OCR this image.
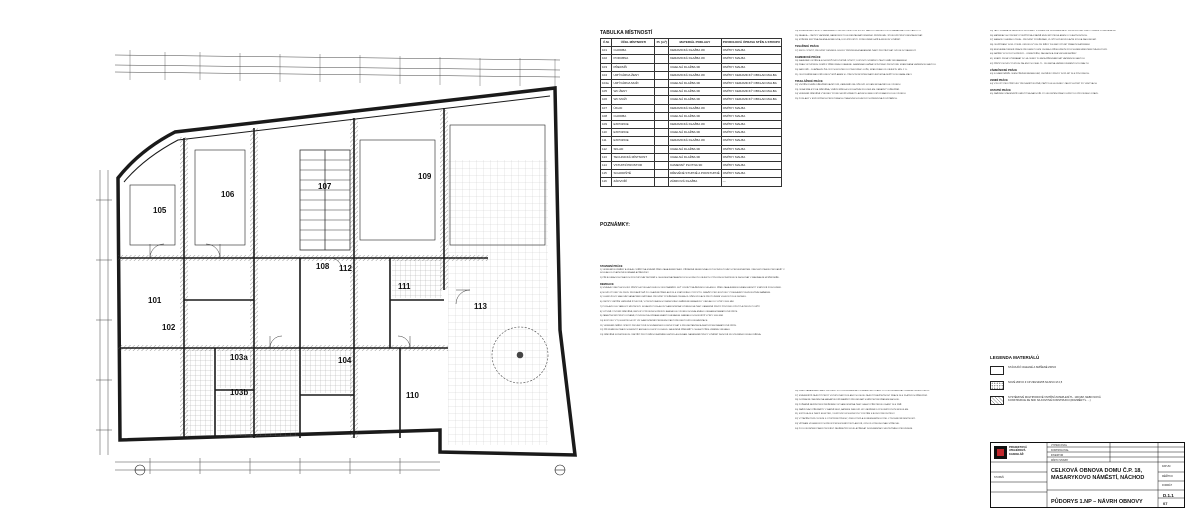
105
106
107
108
109
112
111
101
102
103a
103b
104
110
113
TABULKA MÍSTNOSTÍ
Č.M.	ÚČEL MÍSTNOSTI	Pl. [m²]	MATERIÁL PODLAHY	POVRCHOVÁ ÚPRAVA STĚN A STROPU
101	CHODBA		KERAMICKÁ DLAŽBA 3D	OMÍTKY MALBA
102	PORUBNA		KERAMICKÁ DLAŽBA 3D	OMÍTKY MALBA
103	PŘEDSÍŇ		CIHELNÁ DLAŽBA 3D	OMÍTKY MALBA
104	UMÝVÁRNA ŽENY		KERAMICKÁ DLAŽBA 3D	OMÍTKY KERAMICKÝ OBKLAD MALBA
104a	UMÝVÁRNA MUŽI		CIHELNÁ DLAŽBA 3D	OMÍTKY KERAMICKÝ OBKLAD MALBA
105	WC ŽENY		CIHELNÁ DLAŽBA 3D	OMÍTKY KERAMICKÝ OBKLAD MALBA
106	WC MUŽI		CIHELNÁ DLAŽBA 3D	OMÍTKY KERAMICKÝ OBKLAD MALBA
107	ÚKLID		KERAMICKÁ DLAŽBA 3D	OMÍTKY MALBA
108	CHODBA		CIHELNÁ DLAŽBA 3D	OMÍTKY MALBA
109	EXPOZICE		KERAMICKÁ DLAŽBA 3D	OMÍTKY MALBA
110	EXPOZICE		CIHELNÁ DLAŽBA 3D	OMÍTKY MALBA
111	EXPOZICE		KERAMICKÁ DLAŽBA 3D	OMÍTKY MALBA
112	SKLAD		CIHELNÁ DLAŽBA 3D	OMÍTKY MALBA
113	TECHNICKÁ MÍSTNOST		CIHELNÁ DLAŽBA 3D	OMÍTKY MALBA
114	VSTUPNÍ PROSTOR		KAMENNÝ PLOTNA 3D	OMÍTKY MALBA
115	SCHODIŠTĚ		DŘEVĚNÉ STUPNĚ A PODSTUPNĚ	OMÍTKY MALBA
116	ZÁDVOŘÍ		ZÁMKOVÁ DLAŽBA	—
POZNÁMKY:

STAVEBNÍ PRÁCE

1) VEŠKERÉ ROZMĚRY A ÚDAJE OVĚŘIT NA STAVBĚ PŘED ZAHÁJENÍM PRACÍ. PŘÍPADNÉ NESROVNALOSTI KONZULTOVAT S PROJEKTANTEM. VŠECHNY PRÁCE PROVÁDĚT V SOULADU S PLATNÝMI NORMAMI A PŘEDPISY.

2) PŘI BOURACÍCH PRACÍCH POSTUPOVAT ŠETRNĚ S OHLEDEM NA PAMÁTKOVOU HODNOTU OBJEKTU. PŮVODNÍ KONSTRUKCE ZACHOVAT V MAXIMÁLNÍ MOŽNÉ MÍŘE.

DEMOLICE

3) STÁVAJÍCÍ NEVYHOVUJÍCÍ PŘÍČKY A PODLAHY BUDOU ODSTRANĚNY. SUŤ ODVÉZT NA ŘÍZENOU SKLÁDKU. PŘED ZAHÁJENÍM BOURÁNÍ ZAJISTIT STATICKÉ POSOUZENÍ.

4) NOVÉ OTVORY VE ZDIVU PROVÁDĚT AŽ PO OSAZENÍ PŘEKLADŮ DLE STATICKÉHO VÝPOČTU. DRÁŽKY PRO ROZVODY VYSEKÁVAT POUZE RUČNÍM NÁŘADÍM.

5) VLHKÉ ZDIVO SANOVAT SANAČNÍMI OMÍTKAMI. PROVÉST PODŘEZÁNÍ ZDIVA A VLOŽENÍ IZOLACE PROTI ZEMNÍ VLHKOSTI DLE DETAILU.

6) OMÍTKY VNITŘNÍ VÁPENNÉ ŠTUKOVÉ, V PROSTORÁCH HYGIENICKÉHO ZAŘÍZENÍ KERAMICKÝ OBKLAD DO VÝŠKY 2000 MM.

7) PODLAHY DLE TABULKY MÍSTNOSTÍ. SKLADBY PODLAH VIZ SAMOSTATNÁ VÝKRESOVÁ ČÁST. KAMENNÉ PRVKY PŮVODNÍ OČISTIT A ZNOVU POUŽÍT.

8) VÝPLNĚ OTVORŮ DŘEVĚNÉ, REPLIKY PŮVODNÍCH PRVKŮ. BARVA DLE VZORKU SCHVÁLENÉHO ORGÁNEM PAMÁTKOVÉ PÉČE.

9) ZÁMEČNICKÉ PRVKY KOVANÉ, POVRCHOVÁ ÚPRAVA GRAFITOVÁ BARVA. ZÁBRADLÍ SCHODIŠTĚ VÝŠKY 1000 MM.

10) ROZVODY ZTI, ELEKTRO A VZT VIZ SAMOSTATNÉ PROFESNÍ ČÁSTI PROJEKTOVÉ DOKUMENTACE.

11) VEŠKERÉ ZMĚNY OPROTI PROJEKTOVÉ DOKUMENTACI KONZULTOVAT S PROJEKTANTEM A ZÁSTUPCEM PAMÁTKOVÉ PÉČE.

12) PŘI ZEMNÍCH PRACÍCH ZAJISTIT ARCHEOLOGICKÝ DOHLED. NALEZENÉ PŘEDMĚTY OHLÁSIT PŘÍSLUŠNÉMU ORGÁNU.

13) DŘEVĚNÉ KONSTRUKCE OŠETŘIT PROTI DŘEVOKAZNÉMU HMYZU A HOUBÁM. NAPADENÉ PRVKY VYMĚNIT ZA NOVÉ ZE STEJNÉHO DRUHU DŘEVA.

14) KLEMPÍŘSKÉ PRVKY Z MĚDĚNÉHO PLECHU. DEŠŤOVÉ SVODY NAPOJIT NA DEŠŤOVOU KANALIZACI DLE ČÁSTI ZTI.

15) FASÁDA – OMÍTKY VÁPENNÉ, BAREVNOST DLE RESTAURÁTORSKÉHO PRŮZKUMU. ŠTUKOVÉ PRVKY RESTAUROVAT.

16) STŘEŠNÍ KRYTINA PÁLENÁ BOBROVKA, DVOJITÉ KRYTÍ. POŠKOZENÉ LATĚ A KROKVE VYMĚNIT.

TESAŘSKÉ PRÁCE

17) KROV OČISTIT, PROVÉST DENDROLOGICKÝ PRŮZKUM A NAPADENÉ ČÁSTI PROTÉZOVAT. SPOJE DOTÁHNOUT.

KAMENICKÉ PRÁCE

18) KAMENNÉ OSTĚNÍ A SCHODIŠŤOVÉ STUPNĚ OČISTIT, DOPLNIT CHYBĚJÍCÍ ČÁSTI UMĚLÝM KAMENEM.

19) PRÁH VSTUPNÍCH DVEŘÍ Z PŘÍRODNÍHO KAMENE. KAMENNÁ DLAŽBA VSTUPNÍHO PROSTORU SPÁROVANÁ VÁPENNOU MALTOU.

20) NÁDVOŘÍ – DLAŽBA ZE ŽULOVÝCH KOSTEK DO PÍSKOVÉHO LOŽE, SPÁDOVÁNÍ OD OBJEKTU MIN. 2 %.

21) ODVODNĚNÍ NÁDVOŘÍ LINIOVÝM ŽLABEM S LITINOVÝM ROŠTEM NAPOJENÝM NA DEŠŤOVOU KANALIZACI.

TRUHLÁŘSKÉ PRÁCE

22) VNITŘNÍ DVEŘE DŘEVĚNÉ KAZETOVÉ, ZÁRUBNĚ OBLOŽKOVÉ. KOVÁNÍ MOSAZNÉ DLE VZORKU.

23) OKNA ŠPALETOVÁ DŘEVĚNÁ, VNĚJŠÍ KŘÍDLA S IZOLAČNÍM DVOJSKLEM. PARAPETY DŘEVĚNÉ.

24) VEŠKERÉ DŘEVĚNÉ VÝROBKY POVRCHOVĚ UPRAVIT LAZUROU NEBO KRYCÍ BARVOU DLE VZORKU.

25) PODLAHY V EXPOZIČNÍCH PROSTORÁCH Z MASIVNÍCH DUBOVÝCH PRKEN NA POLŠTÁŘÍCH.

26) PŘED ZAHÁJENÍM PRACÍ PROVÉST FOTODOKUMENTACI STÁVAJÍCÍHO STAVU. FOTODOKUMENTACI PŘEDAT INVESTOROVI.

27) STAVENIŠTĚ ZAJISTIT PROTI VSTUPU NEPOVOLANÝCH OSOB. ZAJISTIT BEZPEČNOST PRÁCE DLE PLATNÝCH PŘEDPISŮ.

28) DOPRAVNÍ OMEZENÍ NA MASARYKOVĚ NÁMĚSTÍ PROJEDNAT S MĚSTSKÝM ÚŘADEM NÁCHOD.

29) POŽÁRNĚ BEZPEČNOSTNÍ ŘEŠENÍ VIZ SAMOSTATNÁ ČÁST. HASICÍ PŘÍSTROJE OSADIT DLE PBŘ.

30) ZAŘIZOVACÍ PŘEDMĚTY V BARVĚ BÍLÉ, BATERIE PÁKOVÉ. WC ZÁVĚSNÉ S PODOMÍTKOVÝM MODULEM.

31) SVÍTIDLA DLE ČÁSTI ELEKTRO, V EXPOZICI KOLEJNICOVÝ SYSTÉM S BODOVÝMI SVÍTIDLY.

32) VYTÁPĚNÍ TEPLOVODNÍ S OTOPNÝMI TĚLESY, ZDROJ TEPLA KONDENZAČNÍ KOTEL V TECHNICKÉ MÍSTNOSTI.

33) VĚTRÁNÍ HYGIENICKÝCH PROSTOR NUCENÉ PODTLAKOVÉ, ODVOD VZDUCHU NAD STŘECHU.

34) PO DOKONČENÍ PRACÍ PROVÉST ZÁVĚREČNÝ ÚKLID A PŘEDAT DOKUMENTACI SKUTEČNÉHO PROVEDENÍ.

35) TATO ZPRÁVA JE NEDÍLNOU SOUČÁSTÍ VÝKRESOVÉ DOKUMENTACE. PŘI ROZPORU PLATÍ VÝKRES PODROBNĚJŠÍ.

36) MATERIÁLY A VÝROBKY POUŽITÉ NA STAVBĚ MUSÍ MÍT PROHLÁŠENÍ O VLASTNOSTECH.

37) SANACE VLHKÉHO ZDIVA – PROVÉST PODŘEZÁNÍ, VLOŽIT HYDROIZOLAČNÍ FÓLII A ZAKLÍNOVAT.

38) ODVĚTRANÝ SOKL PODÉL OBVODOVÝCH ZDÍ ŠÍŘKY 200 MM VYPLNIT PRANÝM KAČÍRKEM.

39) RESTAURÁTORSKÉ PRÁCE PROVÁDÍ POUZE OSOBA S PŘÍSLUŠNÝM POVOLENÍM MINISTERSTVA KULTURY.

40) NÁTĚRY KOVOVÝCH PRVKŮ – ODREZIVĚNÍ, ZÁKLADNÍ A DVA VRCHNÍ NÁTĚRY.

41) SPÁRY ZDIVA VYŠKRÁBAT DO HLOUBKY 20 MM A PŘESPÁROVAT VÁPENNOU MALTOU.

42) PŘÍČKY NOVÉ Z PLNÝCH PÁLENÝCH CIHEL TL. 150 MM NA VÁPENOCEMENTOVOU MALTU.

ZÁMEČNICKÉ PRÁCE

43) KOVANÉ MŘÍŽE OKEN PŘÍZEMÍ REPASOVAT, CHYBĚJÍCÍ PRVKY DOPLNIT DLE PŮVODNÍCH.

ZEMNÍ PRÁCE

44) VÝKOPY PRO PŘÍPOJKY PROVÁDĚT RUČNĚ, PAŽIT DLE HLOUBKY. ZÁSYP HUTNIT PO VRSTVÁCH.

OSTATNÍ PRÁCE

45) ZAŘÍZENÍ STAVENIŠTĚ UMÍSTIT NA NÁDVOŘÍ. PO UKONČENÍ PRACÍ UVÉST DO PŮVODNÍHO STAVU.

LEGENDA MATERIÁLŮ
STÁVAJÍCÍ CIHELNÉ A SMÍŠENÉ ZDIVO
NOVÉ ZDIVO Z CP 290/140/65 NA MVC M 2,5
SYSTÉMOVÉ MULTIPOROVÉ VNITŘNÍ ZATEPLENÍ TL. 100 MM, NEBO NOVÁ KONSTRUKCE ZE SDK NA KOVOVÉ KONSTRUKCI (ROZMĚR TL. ...)
PROJEKTOVÁ
ATELIÉROVÁ
KANCELÁŘ
VYPRACOVAL
KONTROLOVAL
INVESTOR
MÍSTO STAVBY
DATUM
MĚŘÍTKO
FORMÁT
STUPEŇ
CELKOVÁ OBNOVA DOMU Č.P. 18,
MASARYKOVO NÁMĚSTÍ, NÁCHOD
PŮDORYS 1.NP – NÁVRH OBNOVY
D.1.1
07
